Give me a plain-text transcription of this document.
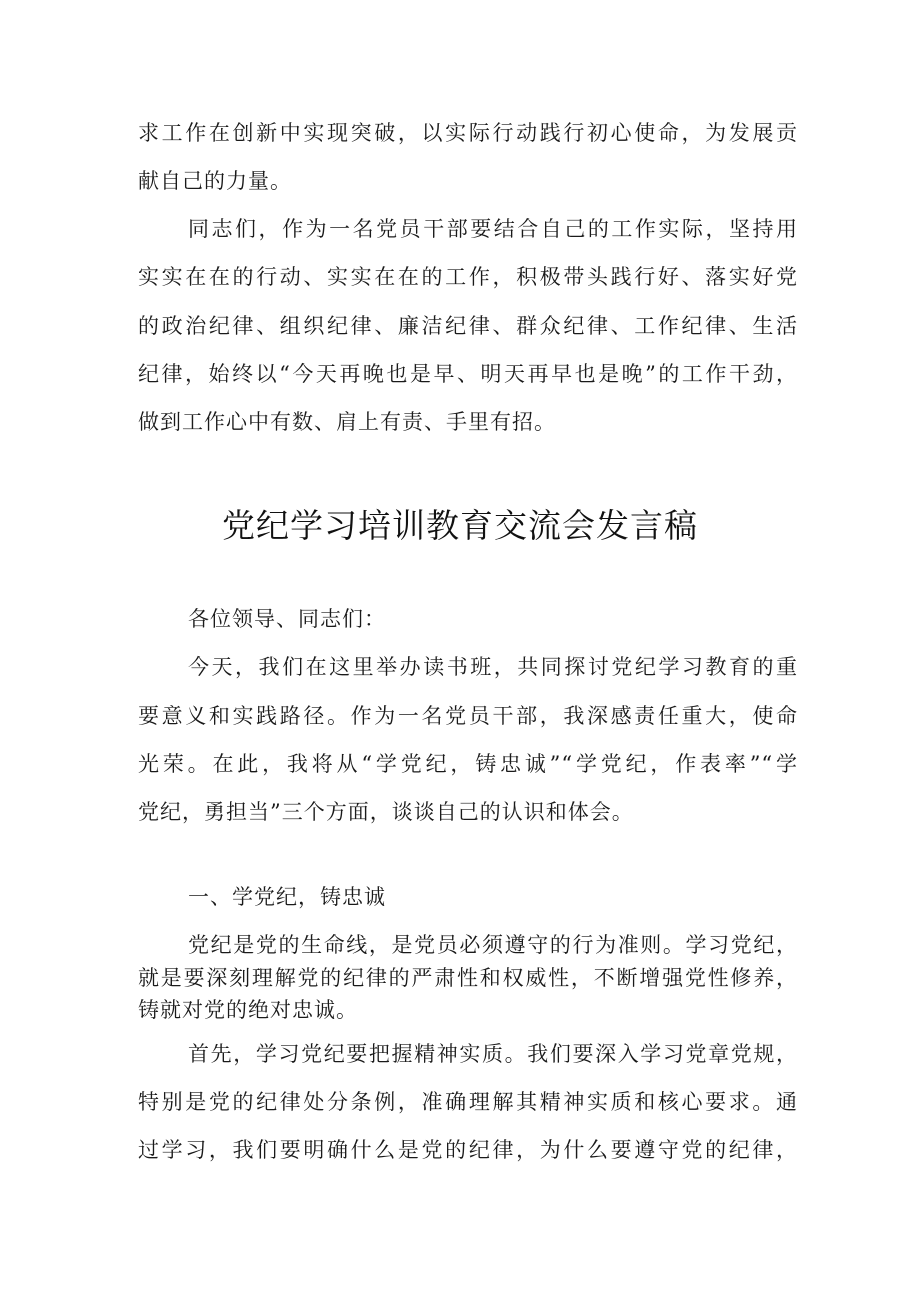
求工作在创新中实现突破，以实际行动践行初心使命，为发展贡
献自己的力量。
同志们，作为一名党员干部要结合自己的工作实际，坚持用
实实在在的行动、实实在在的工作，积极带头践行好、落实好党
的政治纪律、组织纪律、廉洁纪律、群众纪律、工作纪律、生活
纪律，始终以“今天再晚也是早、明天再早也是晚”的工作干劲，
做到工作心中有数、肩上有责、手里有招。
党纪学习培训教育交流会发言稿
各位领导、同志们：
今天，我们在这里举办读书班，共同探讨党纪学习教育的重
要意义和实践路径。作为一名党员干部，我深感责任重大，使命
光荣。在此，我将从“学党纪，铸忠诚”“学党纪，作表率”“学
党纪，勇担当”三个方面，谈谈自己的认识和体会。
一、学党纪，铸忠诚
党纪是党的生命线，是党员必须遵守的行为准则。学习党纪，
就是要深刻理解党的纪律的严肃性和权威性，不断增强党性修养，
铸就对党的绝对忠诚。
首先，学习党纪要把握精神实质。我们要深入学习党章党规，
特别是党的纪律处分条例，准确理解其精神实质和核心要求。通
过学习，我们要明确什么是党的纪律，为什么要遵守党的纪律，
